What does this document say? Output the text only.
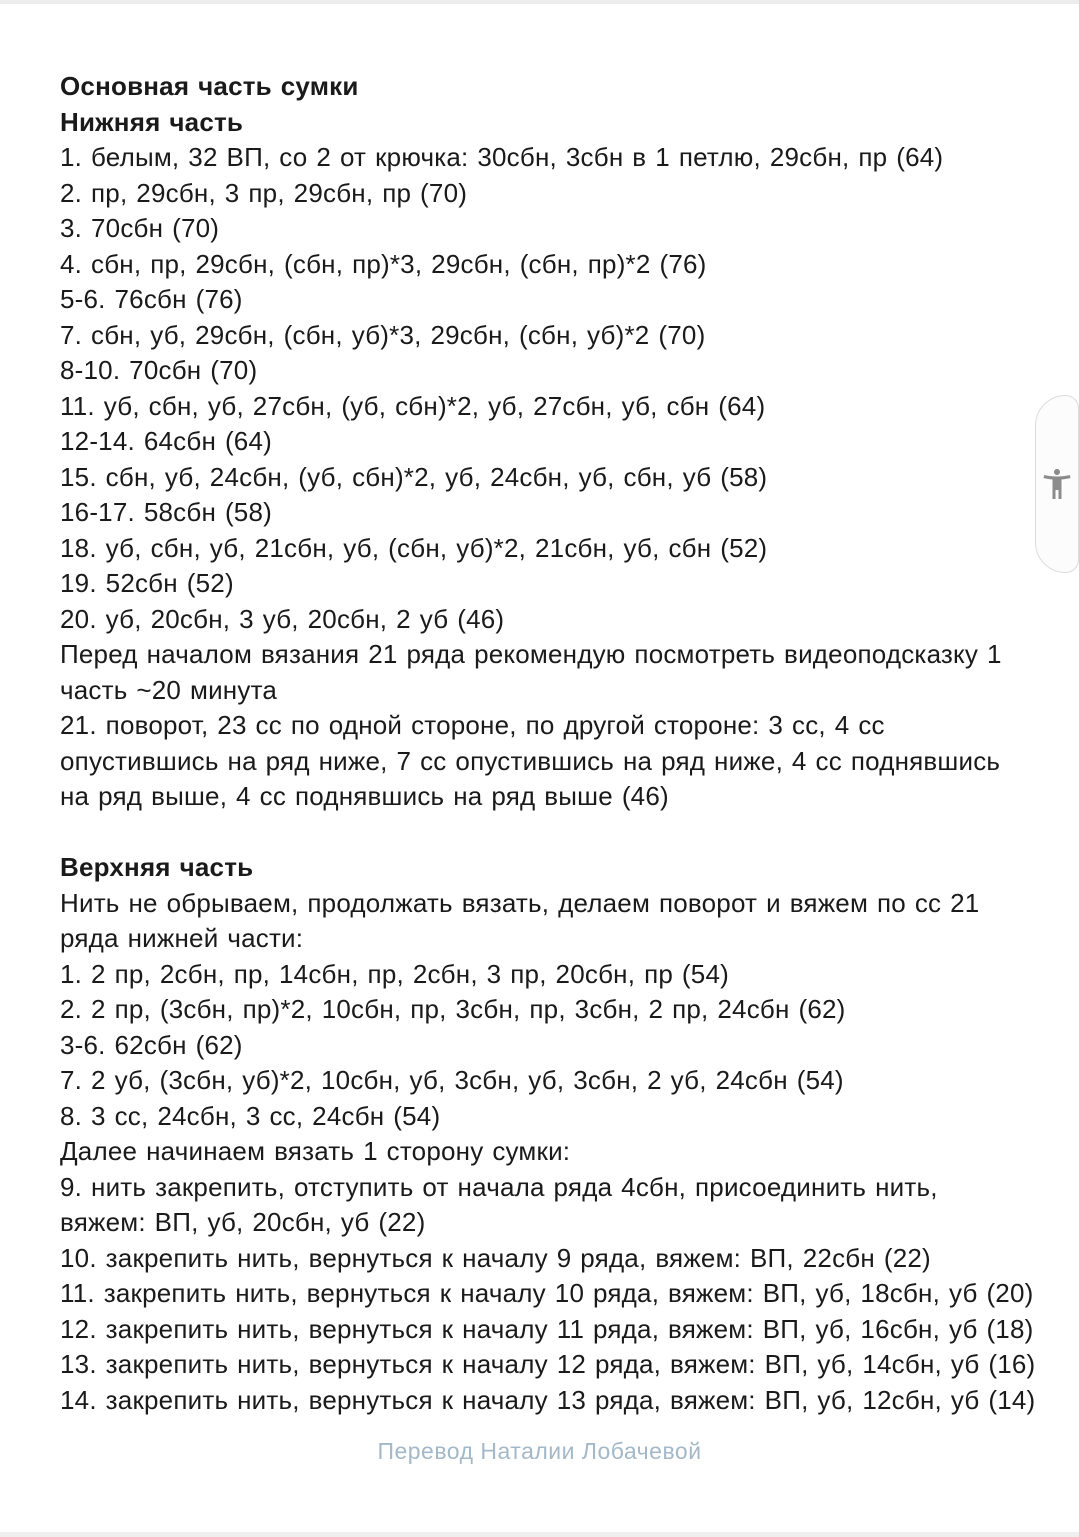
Основная часть сумки
Нижняя часть
1. белым, 32 ВП, со 2 от крючка: 30сбн, 3сбн в 1 петлю, 29сбн, пр (64)
2. пр, 29сбн, 3 пр, 29сбн, пр (70)
3. 70сбн (70)
4. сбн, пр, 29сбн, (сбн, пр)*3, 29сбн, (сбн, пр)*2 (76)
5-6. 76сбн (76)
7. сбн, уб, 29сбн, (сбн, уб)*3, 29сбн, (сбн, уб)*2 (70)
8-10. 70сбн (70)
11. уб, сбн, уб, 27сбн, (уб, сбн)*2, уб, 27сбн, уб, сбн (64)
12-14. 64сбн (64)
15. сбн, уб, 24сбн, (уб, сбн)*2, уб, 24сбн, уб, сбн, уб (58)
16-17. 58сбн (58)
18. уб, сбн, уб, 21сбн, уб, (сбн, уб)*2, 21сбн, уб, сбн (52)
19. 52сбн (52)
20. уб, 20сбн, 3 уб, 20сбн, 2 уб (46)
Перед началом вязания 21 ряда рекомендую посмотреть видеоподсказку 1
часть ~20 минута
21. поворот, 23 сс по одной стороне, по другой стороне: 3 сс, 4 сс
опустившись на ряд ниже, 7 сс опустившись на ряд ниже, 4 сс поднявшись
на ряд выше, 4 сс поднявшись на ряд выше (46)
Верхняя часть
Нить не обрываем, продолжать вязать, делаем поворот и вяжем по сс 21
ряда нижней части:
1. 2 пр, 2сбн, пр, 14сбн, пр, 2сбн, 3 пр, 20сбн, пр (54)
2. 2 пр, (3сбн, пр)*2, 10сбн, пр, 3сбн, пр, 3сбн, 2 пр, 24сбн (62)
3-6. 62сбн (62)
7. 2 уб, (3сбн, уб)*2, 10сбн, уб, 3сбн, уб, 3сбн, 2 уб, 24сбн (54)
8. 3 сс, 24сбн, 3 сс, 24сбн (54)
Далее начинаем вязать 1 сторону сумки:
9. нить закрепить, отступить от начала ряда 4сбн, присоединить нить,
вяжем: ВП, уб, 20сбн, уб (22)
10. закрепить нить, вернуться к началу 9 ряда, вяжем: ВП, 22сбн (22)
11. закрепить нить, вернуться к началу 10 ряда, вяжем: ВП, уб, 18сбн, уб (20)
12. закрепить нить, вернуться к началу 11 ряда, вяжем: ВП, уб, 16сбн, уб (18)
13. закрепить нить, вернуться к началу 12 ряда, вяжем: ВП, уб, 14сбн, уб (16)
14. закрепить нить, вернуться к началу 13 ряда, вяжем: ВП, уб, 12сбн, уб (14)
Перевод Наталии Лобачевой
